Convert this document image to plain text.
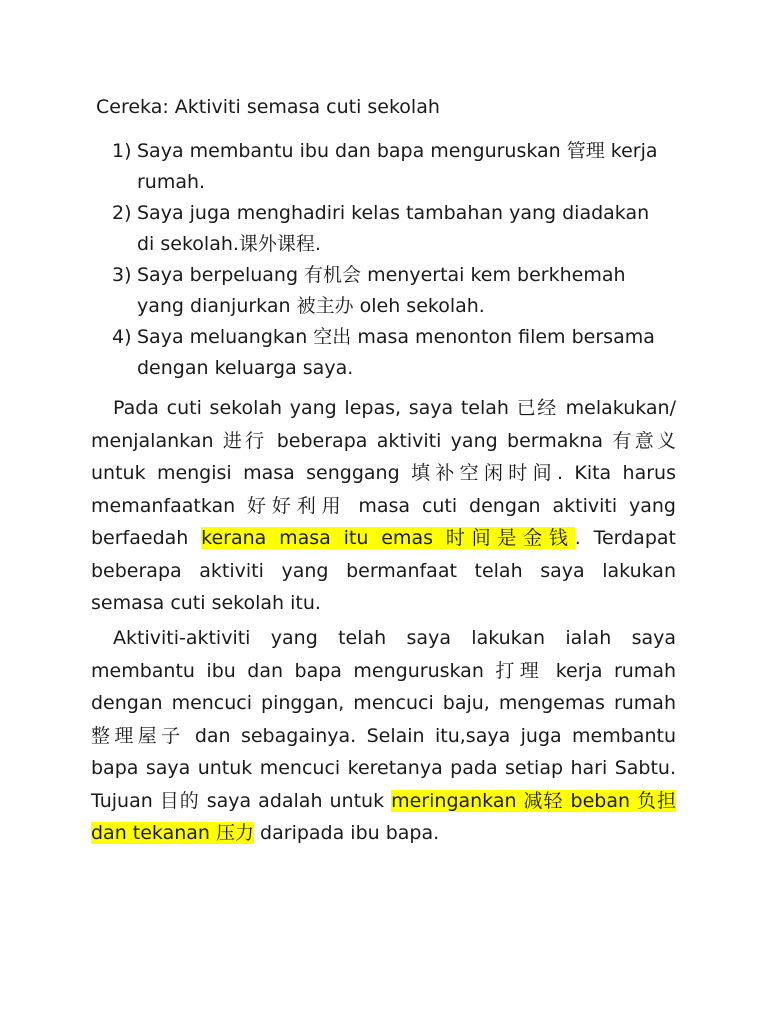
Cereka: Aktiviti semasa cuti sekolah
1) Saya membantu ibu dan bapa menguruskan 管理 kerja rumah.
2) Saya juga menghadiri kelas tambahan yang diadakan di sekolah.课外课程.
3) Saya berpeluang 有机会 menyertai kem berkhemah yang dianjurkan 被主办 oleh sekolah.
4) Saya meluangkan 空出 masa menonton filem bersama dengan keluarga saya.

Pada cuti sekolah yang lepas, saya telah 已经 melakukan/ menjalankan 进行 beberapa aktiviti yang bermakna 有意义 untuk mengisi masa senggang 填补空闲时间. Kita harus memanfaatkan 好好利用 masa cuti dengan aktiviti yang berfaedah kerana masa itu emas 时间是金钱. Terdapat beberapa aktiviti yang bermanfaat telah saya lakukan semasa cuti sekolah itu.

Aktiviti-aktiviti yang telah saya lakukan ialah saya membantu ibu dan bapa menguruskan 打理 kerja rumah dengan mencuci pinggan, mencuci baju, mengemas rumah 整理屋子 dan sebagainya. Selain itu,saya juga membantu bapa saya untuk mencuci keretanya pada setiap hari Sabtu. Tujuan 目的 saya adalah untuk meringankan 减轻 beban 负担 dan tekanan 压力 daripada ibu bapa.
